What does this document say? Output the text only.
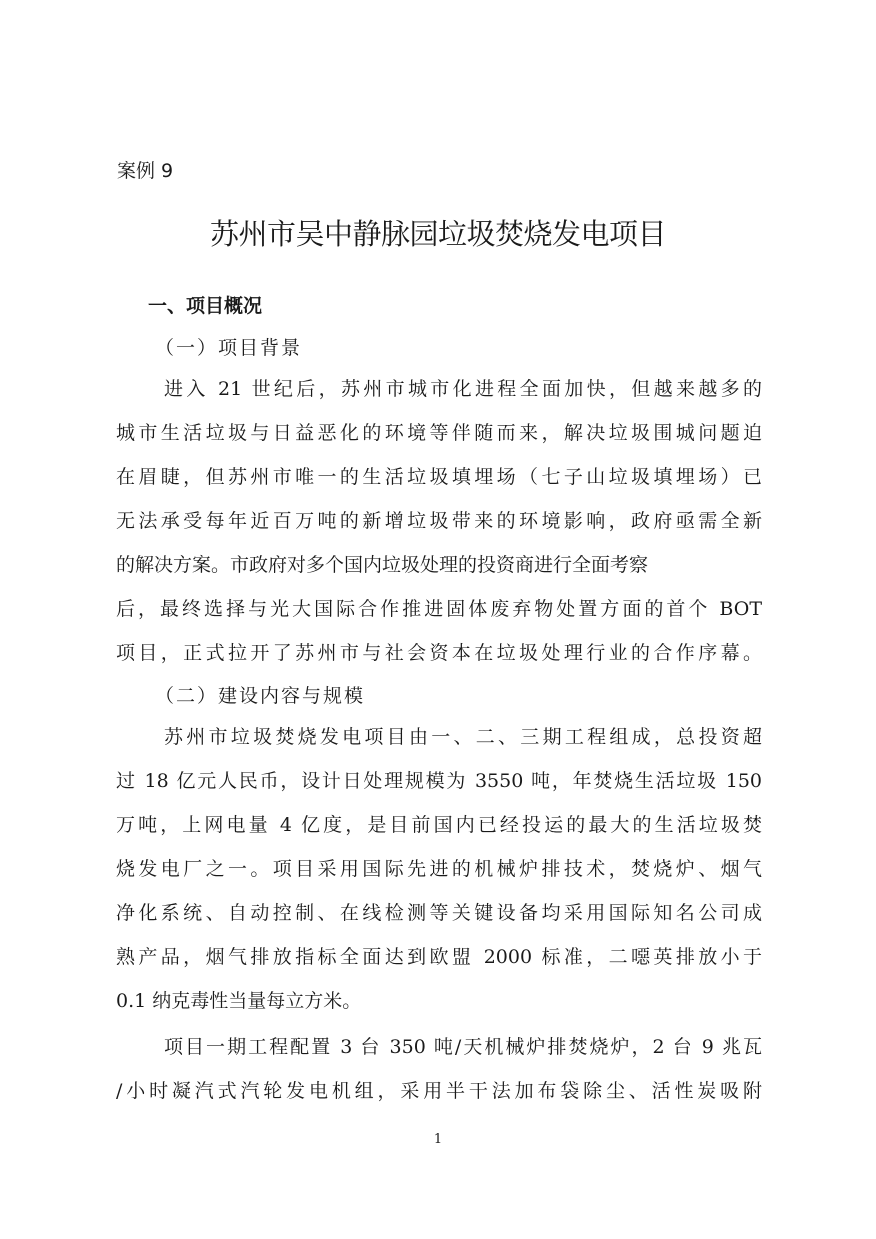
案例 9
苏州市吴中静脉园垃圾焚烧发电项目
一、项目概况
（一）项目背景
进入 21 世纪后，苏州市城市化进程全面加快，但越来越多的
城市生活垃圾与日益恶化的环境等伴随而来，解决垃圾围城问题迫
在眉睫，但苏州市唯一的生活垃圾填埋场（七子山垃圾填埋场）已
无法承受每年近百万吨的新增垃圾带来的环境影响，政府亟需全新
的解决方案。市政府对多个国内垃圾处理的投资商进行全面考察
后，最终选择与光大国际合作推进固体废弃物处置方面的首个 BOT
项目，正式拉开了苏州市与社会资本在垃圾处理行业的合作序幕。
（二）建设内容与规模
苏州市垃圾焚烧发电项目由一、二、三期工程组成，总投资超
过 18 亿元人民币，设计日处理规模为 3550 吨，年焚烧生活垃圾 150
万吨，上网电量 4 亿度，是目前国内已经投运的最大的生活垃圾焚
烧发电厂之一。项目采用国际先进的机械炉排技术，焚烧炉、烟气
净化系统、自动控制、在线检测等关键设备均采用国际知名公司成
熟产品，烟气排放指标全面达到欧盟 2000 标准，二噁英排放小于
0.1 纳克毒性当量每立方米。
项目一期工程配置 3 台 350 吨/天机械炉排焚烧炉，2 台 9 兆瓦
/小时凝汽式汽轮发电机组，采用半干法加布袋除尘、活性炭吸附
1
